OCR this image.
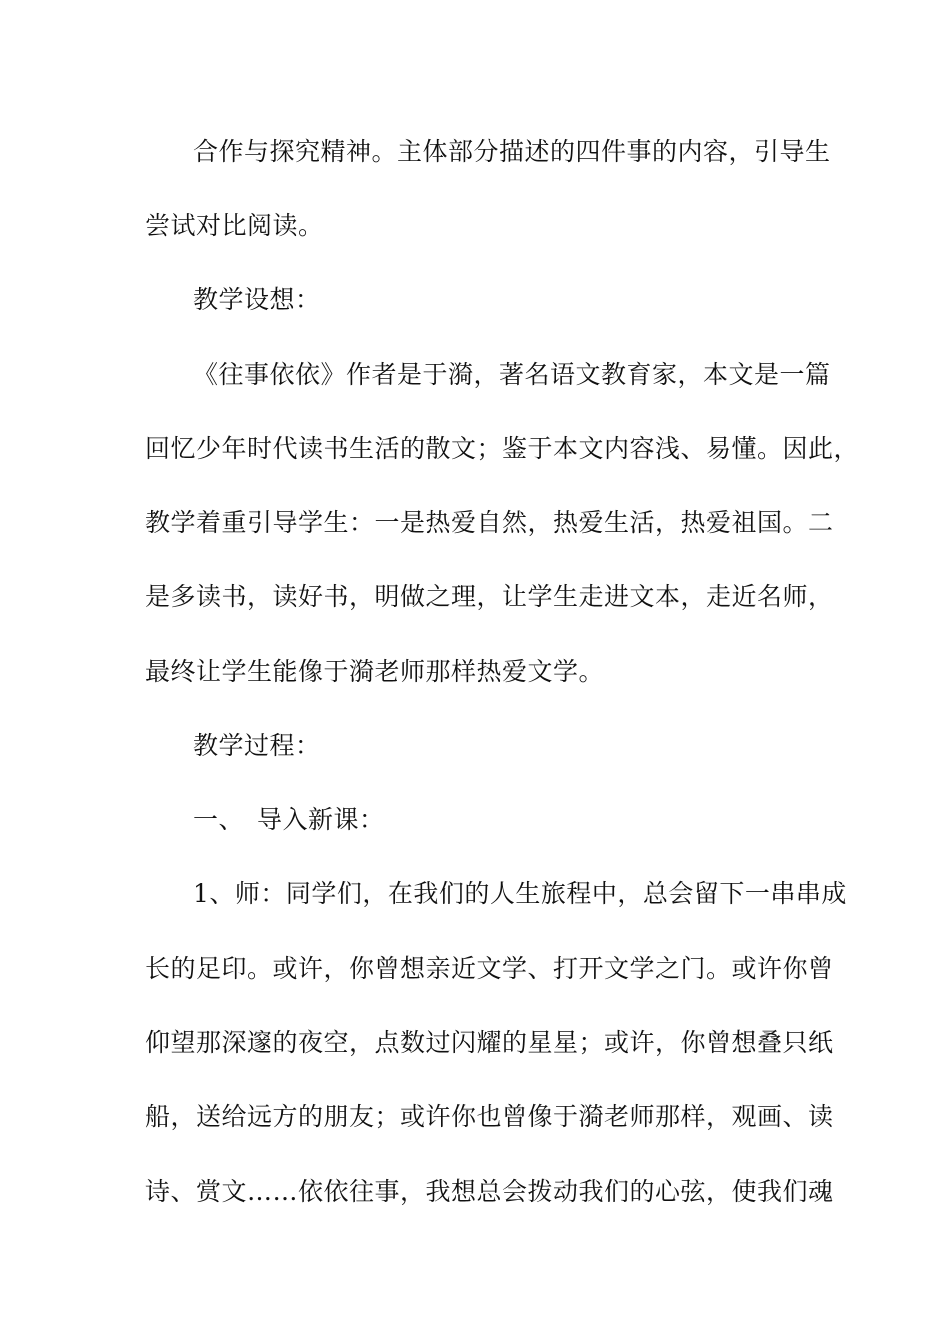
合作与探究精神。主体部分描述的四件事的内容，引导生
尝试对比阅读。
教学设想：
《往事依依》作者是于漪，著名语文教育家，本文是一篇
回忆少年时代读书生活的散文；鉴于本文内容浅、易懂。因此，
教学着重引导学生：一是热爱自然，热爱生活，热爱祖国。二
是多读书，读好书，明做之理，让学生走进文本，走近名师，
最终让学生能像于漪老师那样热爱文学。
教学过程：
一、　导入新课：
1、师：同学们，在我们的人生旅程中，总会留下一串串成
长的足印。或许，你曾想亲近文学、打开文学之门。或许你曾
仰望那深邃的夜空，点数过闪耀的星星；或许，你曾想叠只纸
船，送给远方的朋友；或许你也曾像于漪老师那样，观画、读
诗、赏文……依依往事，我想总会拨动我们的心弦，使我们魂
